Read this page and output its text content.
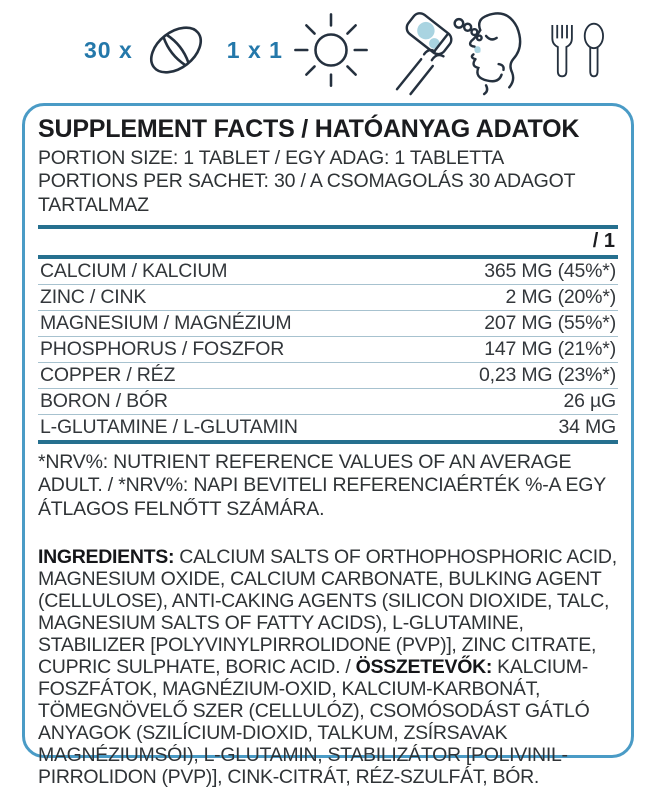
30 x	1 x 1
SUPPLEMENT FACTS / HATÓANYAG ADATOK
PORTION SIZE: 1 TABLET / EGY ADAG: 1 TABLETTA
PORTIONS PER SACHET: 30 / A CSOMAGOLÁS 30 ADAGOT TARTALMAZ
/ 1
CALCIUM / KALCIUM	365 MG (45%*)
ZINC / CINK	2 MG (20%*)
MAGNESIUM / MAGNÉZIUM	207 MG (55%*)
PHOSPHORUS / FOSZFOR	147 MG (21%*)
COPPER / RÉZ	0,23 MG (23%*)
BORON / BÓR	26 µG
L-GLUTAMINE / L-GLUTAMIN	34 MG
*NRV%: NUTRIENT REFERENCE VALUES OF AN AVERAGE ADULT. / *NRV%: NAPI BEVITELI REFERENCIAÉRTÉK %-A EGY ÁTLAGOS FELNŐTT SZÁMÁRA.
INGREDIENTS: CALCIUM SALTS OF ORTHOPHOSPHORIC ACID, MAGNESIUM OXIDE, CALCIUM CARBONATE, BULKING AGENT (CELLULOSE), ANTI-CAKING AGENTS (SILICON DIOXIDE, TALC, MAGNESIUM SALTS OF FATTY ACIDS), L-GLUTAMINE, STABILIZER [POLYVINYLPIRROLIDONE (PVP)], ZINC CITRATE, CUPRIC SULPHATE, BORIC ACID. / ÖSSZETEVŐK: KALCIUM-FOSZFÁTOK, MAGNÉZIUM-OXID, KALCIUM-KARBONÁT, TÖMEGNÖVELŐ SZER (CELLULÓZ), CSOMÓSODÁST GÁTLÓ ANYAGOK (SZILÍCIUM-DIOXID, TALKUM, ZSÍRSAVAK MAGNÉZIUMSÓI), L-GLUTAMIN, STABILIZÁTOR [POLIVINIL-PIRROLIDON (PVP)], CINK-CITRÁT, RÉZ-SZULFÁT, BÓR.
